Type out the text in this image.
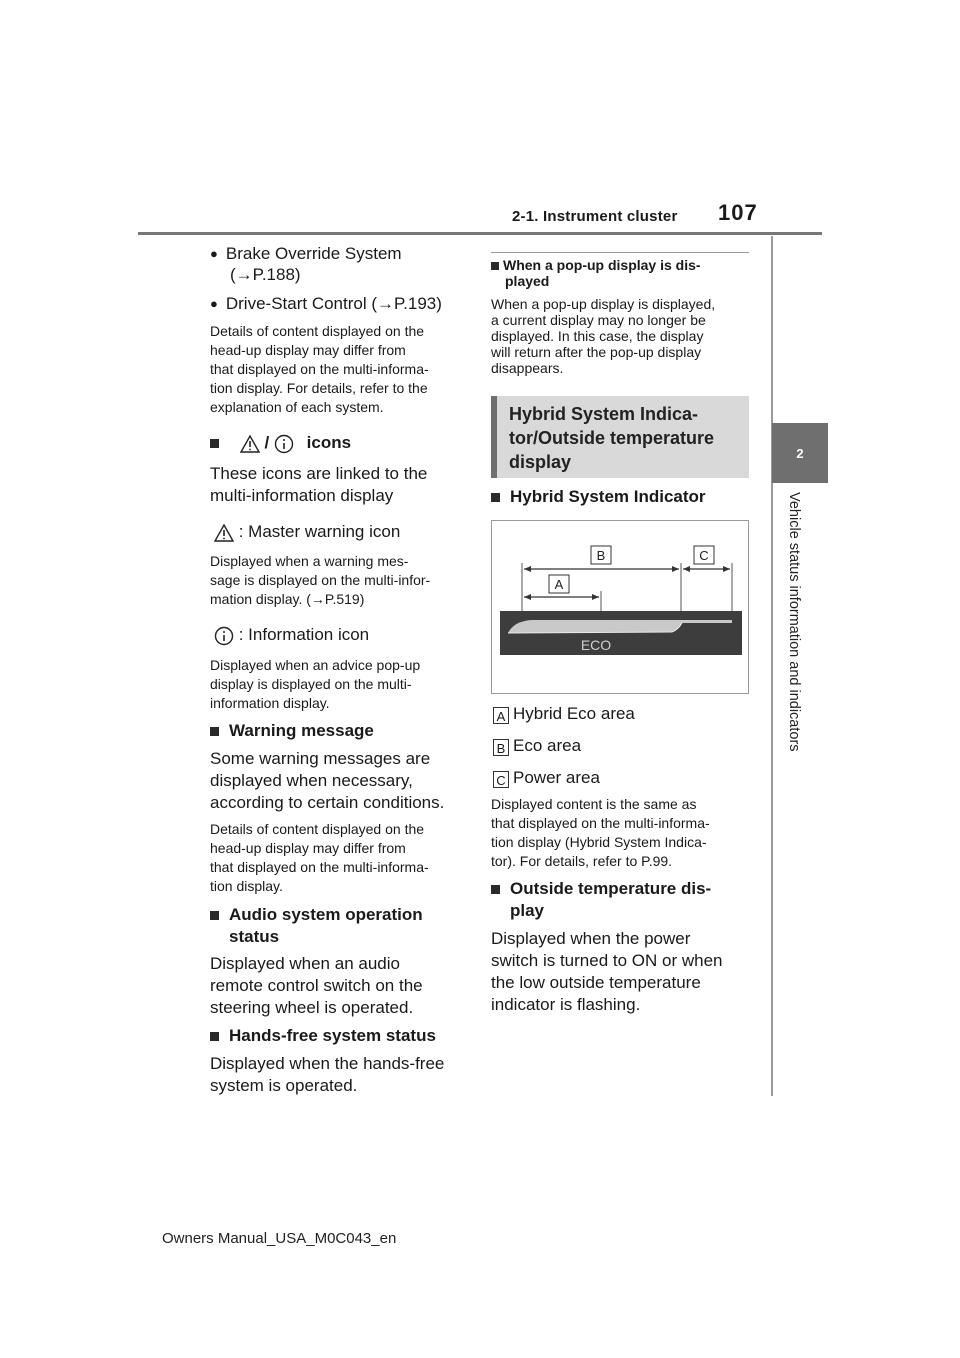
2-1. Instrument cluster 107
2
Vehicle status information and indicators
● Brake Override System
(→P.188)
● Drive-Start Control (→P.193)
Details of content displayed on the
head-up display may differ from
that displayed on the multi-informa-
tion display. For details, refer to the
explanation of each system.
/ icons
These icons are linked to the
multi-information display
: Master warning icon
Displayed when a warning mes-
sage is displayed on the multi-infor-
mation display. (→P.519)
: Information icon
Displayed when an advice pop-up
display is displayed on the multi-
information display.
Warning message
Some warning messages are
displayed when necessary,
according to certain conditions.
Details of content displayed on the
head-up display may differ from
that displayed on the multi-informa-
tion display.
Audio system operation
status
Displayed when an audio
remote control switch on the
steering wheel is operated.
Hands-free system status
Displayed when the hands-free
system is operated.
When a pop-up display is dis-
played
When a pop-up display is displayed,
a current display may no longer be
displayed. In this case, the display
will return after the pop-up display
disappears.
Hybrid System Indica-
tor/Outside temperature
display
Hybrid System Indicator
B	C
A
ECO
A Hybrid Eco area
B Eco area
C Power area
Displayed content is the same as
that displayed on the multi-informa-
tion display (Hybrid System Indica-
tor). For details, refer to P.99.
Outside temperature dis-
play
Displayed when the power
switch is turned to ON or when
the low outside temperature
indicator is flashing.
Owners Manual_USA_M0C043_en
